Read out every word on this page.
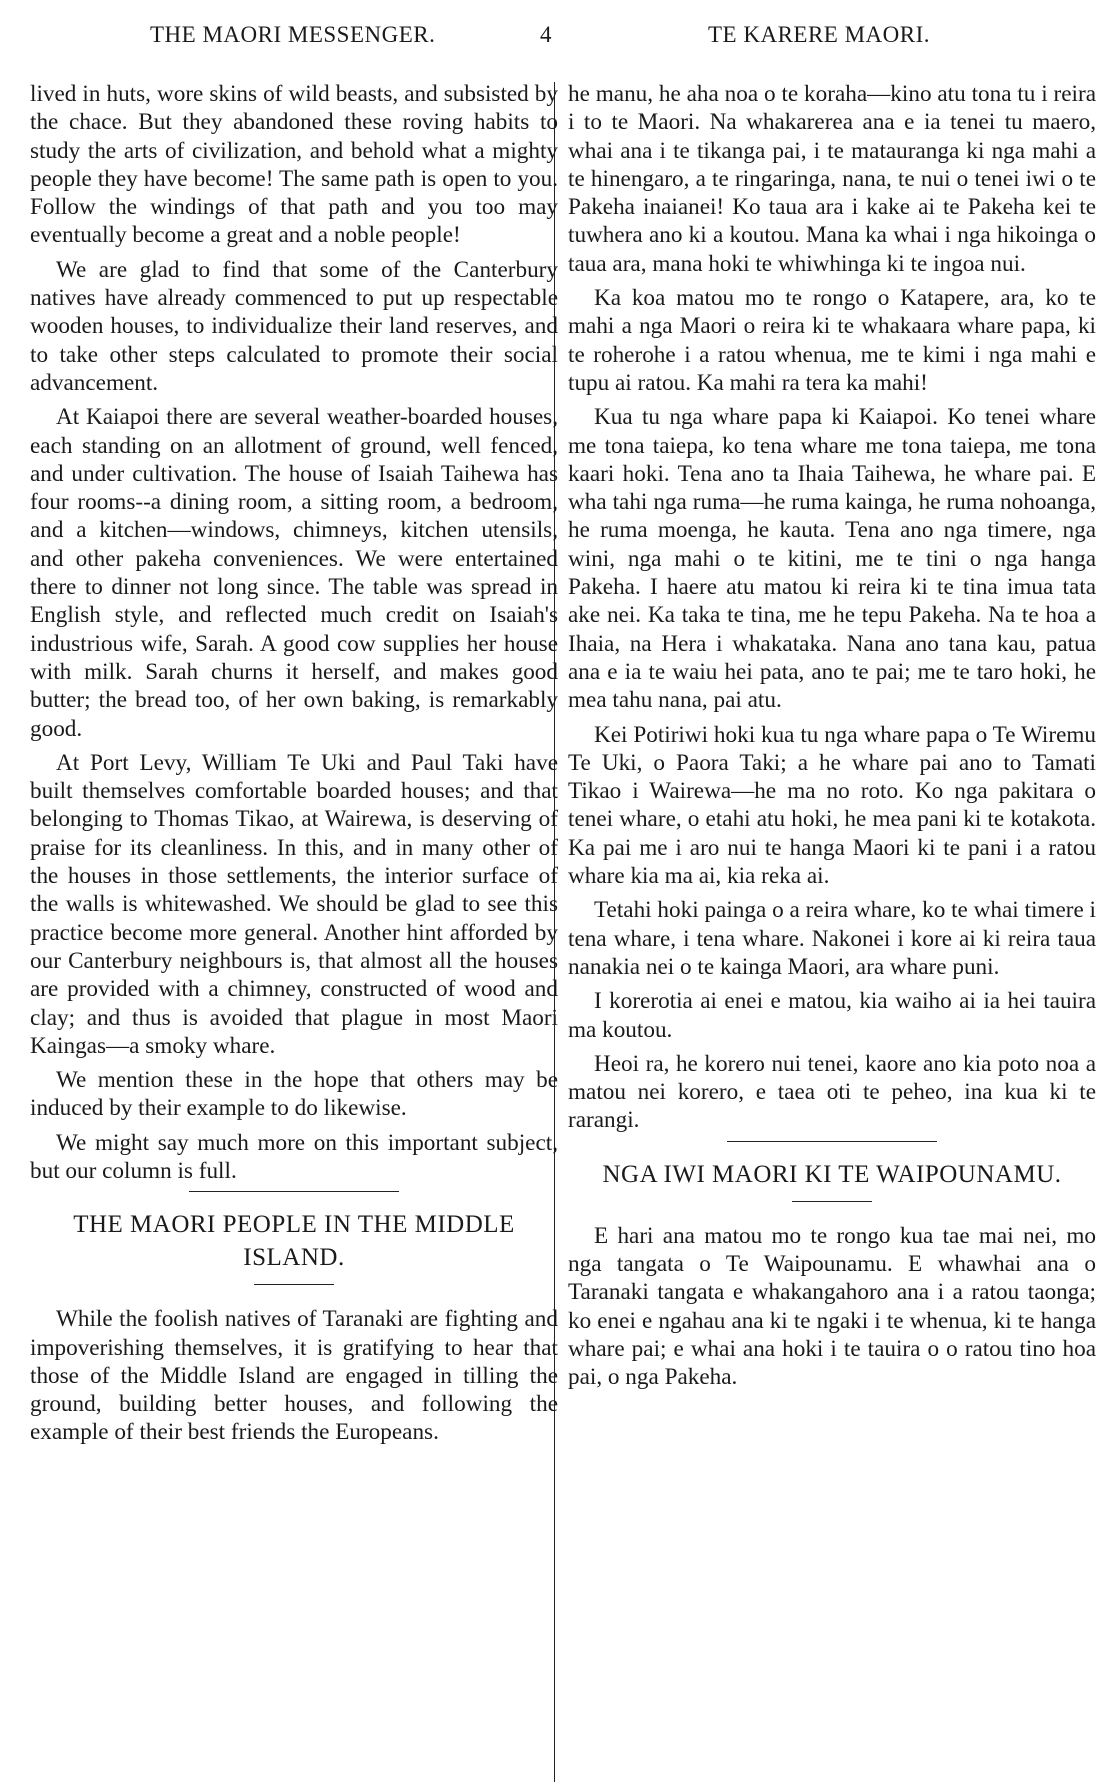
THE MAORI MESSENGER.	4	TE KARERE MAORI.

lived in huts, wore skins of wild beasts, and subsisted by the chace. But they abandoned these roving habits to study the arts of civilization, and behold what a mighty people they have become! The same path is open to you. Follow the windings of that path and you too may eventually become a great and a noble people!

We are glad to find that some of the Canterbury natives have already commenced to put up respectable wooden houses, to individualize their land reserves, and to take other steps calculated to promote their social advancement.

At Kaiapoi there are several weather-boarded houses, each standing on an allotment of ground, well fenced, and under cultivation. The house of Isaiah Taihewa has four rooms--a dining room, a sitting room, a bedroom, and a kitchen—windows, chimneys, kitchen utensils, and other pakeha conveniences. We were entertained there to dinner not long since. The table was spread in English style, and reflected much credit on Isaiah's industrious wife, Sarah. A good cow supplies her house with milk. Sarah churns it herself, and makes good butter; the bread too, of her own baking, is remarkably good.

At Port Levy, William Te Uki and Paul Taki have built themselves comfortable boarded houses; and that belonging to Thomas Tikao, at Wairewa, is deserving of praise for its cleanliness. In this, and in many other of the houses in those settlements, the interior surface of the walls is whitewashed. We should be glad to see this practice become more general. Another hint afforded by our Canterbury neighbours is, that almost all the houses are provided with a chimney, constructed of wood and clay; and thus is avoided that plague in most Maori Kaingas—a smoky whare.

We mention these in the hope that others may be induced by their example to do likewise.

We might say much more on this important subject, but our column is full.

THE MAORI PEOPLE IN THE MIDDLE ISLAND.

While the foolish natives of Taranaki are fighting and impoverishing themselves, it is gratifying to hear that those of the Middle Island are engaged in tilling the ground, building better houses, and following the example of their best friends the Europeans.

he manu, he aha noa o te koraha—kino atu tona tu i reira i to te Maori. Na whakarerea ana e ia tenei tu maero, whai ana i te tikanga pai, i te matauranga ki nga mahi a te hinengaro, a te ringaringa, nana, te nui o tenei iwi o te Pakeha inaianei! Ko taua ara i kake ai te Pakeha kei te tuwhera ano ki a koutou. Mana ka whai i nga hikoinga o taua ara, mana hoki te whiwhinga ki te ingoa nui.

Ka koa matou mo te rongo o Katapere, ara, ko te mahi a nga Maori o reira ki te whakaara whare papa, ki te roherohe i a ratou whenua, me te kimi i nga mahi e tupu ai ratou. Ka mahi ra tera ka mahi!

Kua tu nga whare papa ki Kaiapoi. Ko tenei whare me tona taiepa, ko tena whare me tona taiepa, me tona kaari hoki. Tena ano ta Ihaia Taihewa, he whare pai. E wha tahi nga ruma—he ruma kainga, he ruma nohoanga, he ruma moenga, he kauta. Tena ano nga timere, nga wini, nga mahi o te kitini, me te tini o nga hanga Pakeha. I haere atu matou ki reira ki te tina imua tata ake nei. Ka taka te tina, me he tepu Pakeha. Na te hoa a Ihaia, na Hera i whakataka. Nana ano tana kau, patua ana e ia te waiu hei pata, ano te pai; me te taro hoki, he mea tahu nana, pai atu.

Kei Potiriwi hoki kua tu nga whare papa o Te Wiremu Te Uki, o Paora Taki; a he whare pai ano to Tamati Tikao i Wairewa—he ma no roto. Ko nga pakitara o tenei whare, o etahi atu hoki, he mea pani ki te kotakota. Ka pai me i aro nui te hanga Maori ki te pani i a ratou whare kia ma ai, kia reka ai.

Tetahi hoki painga o a reira whare, ko te whai timere i tena whare, i tena whare. Nakonei i kore ai ki reira taua nanakia nei o te kainga Maori, ara whare puni.

I korerotia ai enei e matou, kia waiho ai ia hei tauira ma koutou.

Heoi ra, he korero nui tenei, kaore ano kia poto noa a matou nei korero, e taea oti te peheo, ina kua ki te rarangi.

NGA IWI MAORI KI TE WAIPOUNAMU.

E hari ana matou mo te rongo kua tae mai nei, mo nga tangata o Te Waipounamu. E whawhai ana o Taranaki tangata e whakangahoro ana i a ratou taonga; ko enei e ngahau ana ki te ngaki i te whenua, ki te hanga whare pai; e whai ana hoki i te tauira o o ratou tino hoa pai, o nga Pakeha.
